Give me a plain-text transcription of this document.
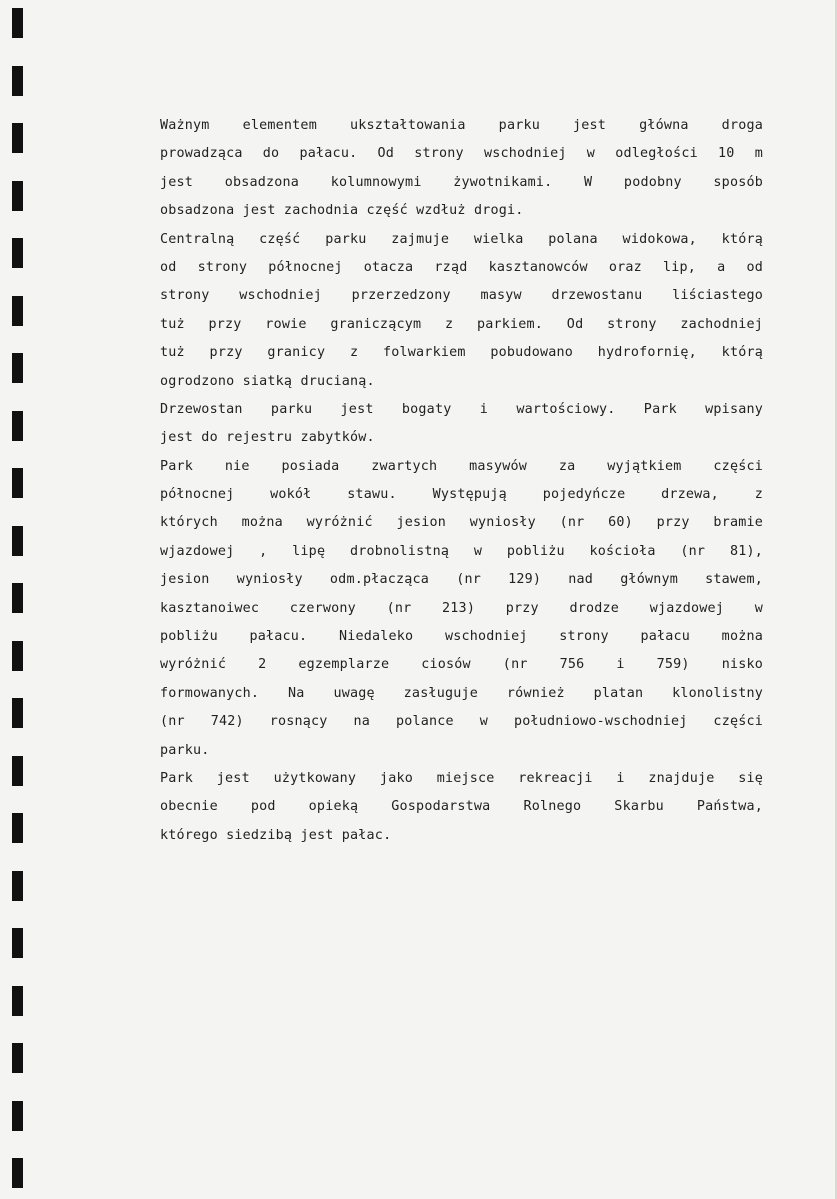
Ważnym elementem ukształtowania parku jest główna droga
prowadząca do pałacu. Od strony wschodniej w odległości 10 m
jest obsadzona kolumnowymi żywotnikami. W podobny sposób
obsadzona jest zachodnia część wzdłuż drogi.
Centralną część parku zajmuje wielka polana widokowa, którą
od strony północnej otacza rząd kasztanowców oraz lip, a od
strony wschodniej przerzedzony masyw drzewostanu liściastego
tuż przy rowie graniczącym z parkiem. Od strony zachodniej
tuż przy granicy z folwarkiem pobudowano hydrofornię, którą
ogrodzono siatką drucianą.
Drzewostan parku jest bogaty i wartościowy. Park wpisany
jest do rejestru zabytków.
Park nie posiada zwartych masywów za wyjątkiem części
północnej wokół stawu. Występują pojedyńcze drzewa, z
których można wyróżnić jesion wyniosły (nr 60) przy bramie
wjazdowej , lipę drobnolistną w pobliżu kościoła (nr 81),
jesion wyniosły odm.płacząca (nr 129) nad głównym stawem,
kasztanoiwec czerwony (nr 213) przy drodze wjazdowej w
pobliżu pałacu. Niedaleko wschodniej strony pałacu można
wyróżnić 2 egzemplarze ciosów (nr 756 i 759) nisko
formowanych. Na uwagę zasługuje również platan klonolistny
(nr 742) rosnący na polance w południowo-wschodniej części
parku.
Park jest użytkowany jako miejsce rekreacji i znajduje się
obecnie pod opieką Gospodarstwa Rolnego Skarbu Państwa,
którego siedzibą jest pałac.
